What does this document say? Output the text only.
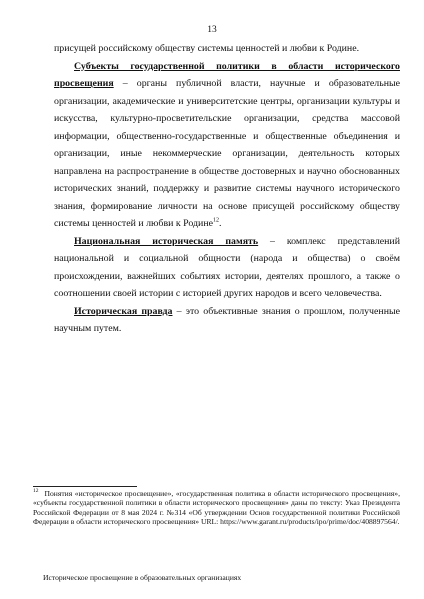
13

присущей российскому обществу системы ценностей и любви к Родине.

Субъекты государственной политики в области исторического просвещения – органы публичной власти, научные и образовательные организации, академические и университетские центры, организации культуры и искусства, культурно-просветительские организации, средства массовой информации, общественно-государственные и общественные объединения и организации, иные некоммерческие организации, деятельность которых направлена на распространение в обществе достоверных и научно обоснованных исторических знаний, поддержку и развитие системы научного исторического знания, формирование личности на основе присущей российскому обществу системы ценностей и любви к Родине$^{12}$.

Национальная историческая память – комплекс представлений национальной и социальной общности (народа и общества) о своём происхождении, важнейших событиях истории, деятелях прошлого, а также о соотношении своей истории с историей других народов и всего человечества.

Историческая правда – это объективные знания о прошлом, полученные научным путем.

$^{12}$ Понятия «историческое просвещение», «государственная политика в области исторического просвещения», «субъекты государственной политики в области исторического просвещения» даны по тексту: Указ Президента Российской Федерации от 8 мая 2024 г. №314 «Об утверждении Основ государственной политики Российской Федерации в области исторического просвещения» URL: https://www.garant.ru/products/ipo/prime/doc/408897564/.
Историческое просвещение в образовательных организациях
